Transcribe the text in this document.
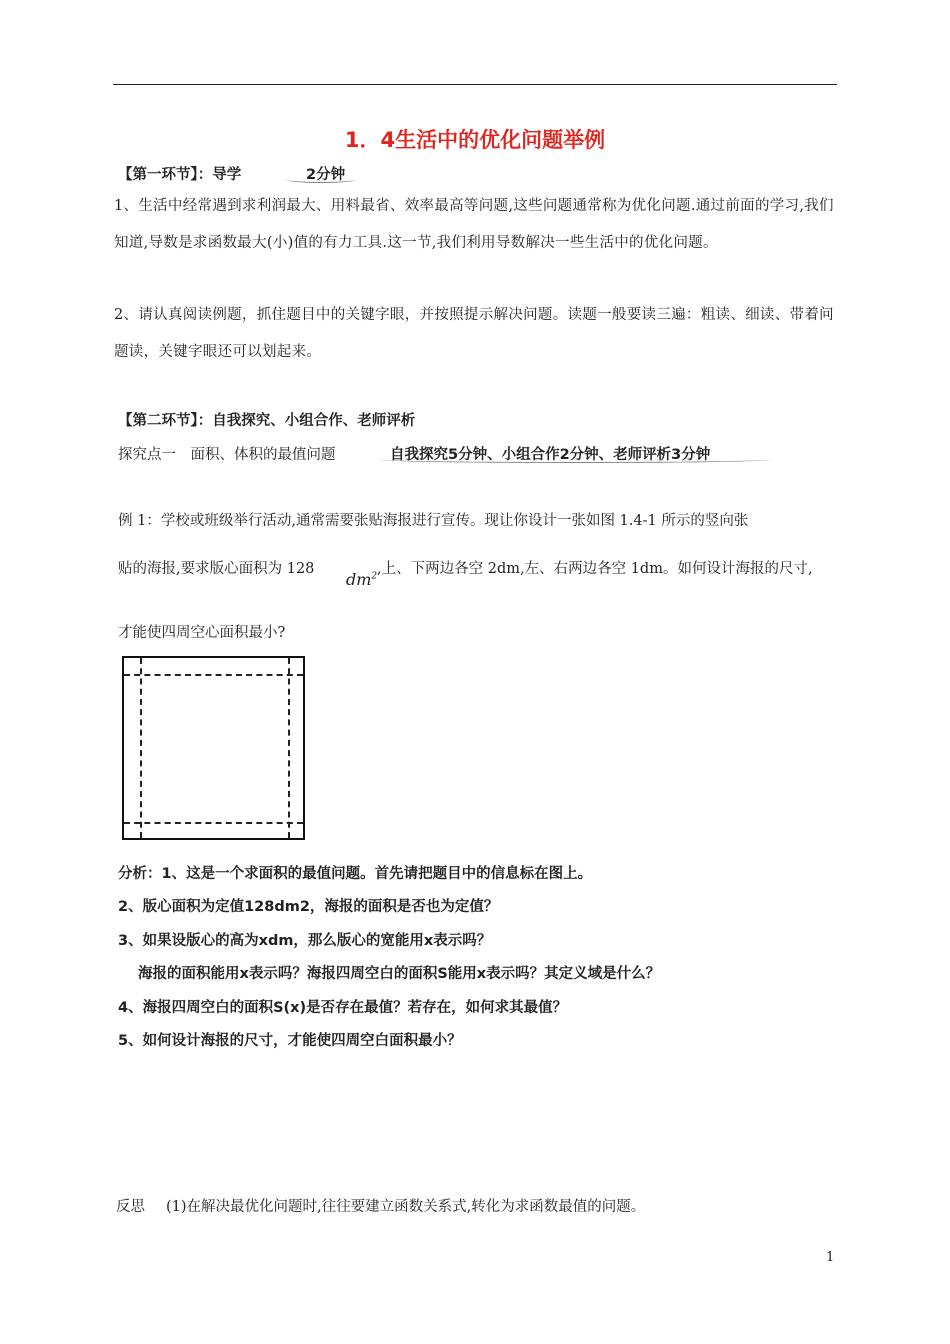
1．4生活中的优化问题举例
【第一环节】：导学	2分钟
1、生活中经常遇到求利润最大、用料最省、效率最高等问题,这些问题通常称为优化问题.通过前面的学习,我们知道,导数是求函数最大(小)值的有力工具.这一节,我们利用导数解决一些生活中的优化问题。
2、请认真阅读例题，抓住题目中的关键字眼，并按照提示解决问题。读题一般要读三遍：粗读、细读、带着问题读，关键字眼还可以划起来。
【第二环节】：自我探究、小组合作、老师评析
探究点一　面积、体积的最值问题	自我探究5分钟、小组合作2分钟、老师评析3分钟
例 1：学校或班级举行活动,通常需要张贴海报进行宣传。现让你设计一张如图 1.4-1 所示的竖向张
贴的海报,要求版心面积为 128
$dm^2$ ,上、下两边各空 2dm,左、右两边各空 1dm。如何设计海报的尺寸,
才能使四周空心面积最小?
分析：1、这是一个求面积的最值问题。首先请把题目中的信息标在图上。
2、版心面积为定值128dm2，海报的面积是否也为定值？
3、如果设版心的高为xdm，那么版心的宽能用x表示吗？
海报的面积能用x表示吗？海报四周空白的面积S能用x表示吗？其定义域是什么？
4、海报四周空白的面积S(x)是否存在最值？若存在，如何求其最值？
5、如何设计海报的尺寸，才能使四周空白面积最小？
反思 (1)在解决最优化问题时,往往要建立函数关系式,转化为求函数最值的问题。
1
